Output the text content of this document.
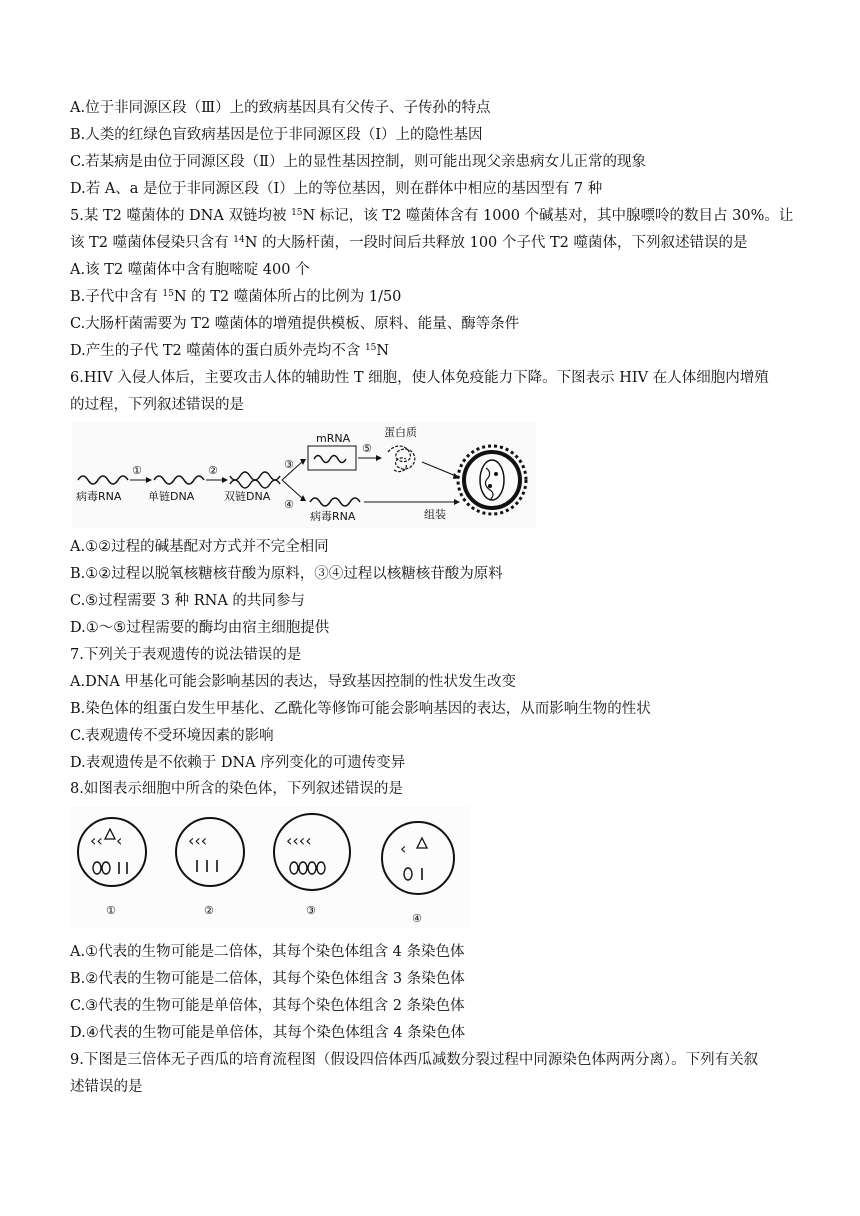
A.位于非同源区段（Ⅲ）上的致病基因具有父传子、子传孙的特点
B.人类的红绿色盲致病基因是位于非同源区段（Ⅰ）上的隐性基因
C.若某病是由位于同源区段（Ⅱ）上的显性基因控制，则可能出现父亲患病女儿正常的现象
D.若 A、a 是位于非同源区段（Ⅰ）上的等位基因，则在群体中相应的基因型有 7 种
5.某 T2 噬菌体的 DNA 双链均被 $^{15}$N 标记，该 T2 噬菌体含有 1000 个碱基对，其中腺嘌呤的数目占 30%。让
该 T2 噬菌体侵染只含有 $^{14}$N 的大肠杆菌，一段时间后共释放 100 个子代 T2 噬菌体，下列叙述错误的是
A.该 T2 噬菌体中含有胞嘧啶 400 个
B.子代中含有 $^{15}$N 的 T2 噬菌体所占的比例为 1/50
C.大肠杆菌需要为 T2 噬菌体的增殖提供模板、原料、能量、酶等条件
D.产生的子代 T2 噬菌体的蛋白质外壳均不含 $^{15}$N
6.HIV 入侵人体后，主要攻击人体的辅助性 T 细胞，使人体免疫能力下降。下图表示 HIV 在人体细胞内增殖
的过程，下列叙述错误的是
病毒RNA
①
单链DNA
②
双链DNA
③
④
mRNA
⑤
蛋白质
病毒RNA	组装
A.①②过程的碱基配对方式并不完全相同
B.①②过程以脱氧核糖核苷酸为原料，③④过程以核糖核苷酸为原料
C.⑤过程需要 3 种 RNA 的共同参与
D.①～⑤过程需要的酶均由宿主细胞提供
7.下列关于表观遗传的说法错误的是
A.DNA 甲基化可能会影响基因的表达，导致基因控制的性状发生改变
B.染色体的组蛋白发生甲基化、乙酰化等修饰可能会影响基因的表达，从而影响生物的性状
C.表观遗传不受环境因素的影响
D.表观遗传是不依赖于 DNA 序列变化的可遗传变异
8.如图表示细胞中所含的染色体，下列叙述错误的是
‹‹ ‹
①
‹‹‹
②
‹‹‹‹
③
‹
④
A.①代表的生物可能是二倍体，其每个染色体组含 4 条染色体
B.②代表的生物可能是二倍体，其每个染色体组含 3 条染色体
C.③代表的生物可能是单倍体，其每个染色体组含 2 条染色体
D.④代表的生物可能是单倍体，其每个染色体组含 4 条染色体
9.下图是三倍体无子西瓜的培育流程图（假设四倍体西瓜减数分裂过程中同源染色体两两分离）。下列有关叙
述错误的是
